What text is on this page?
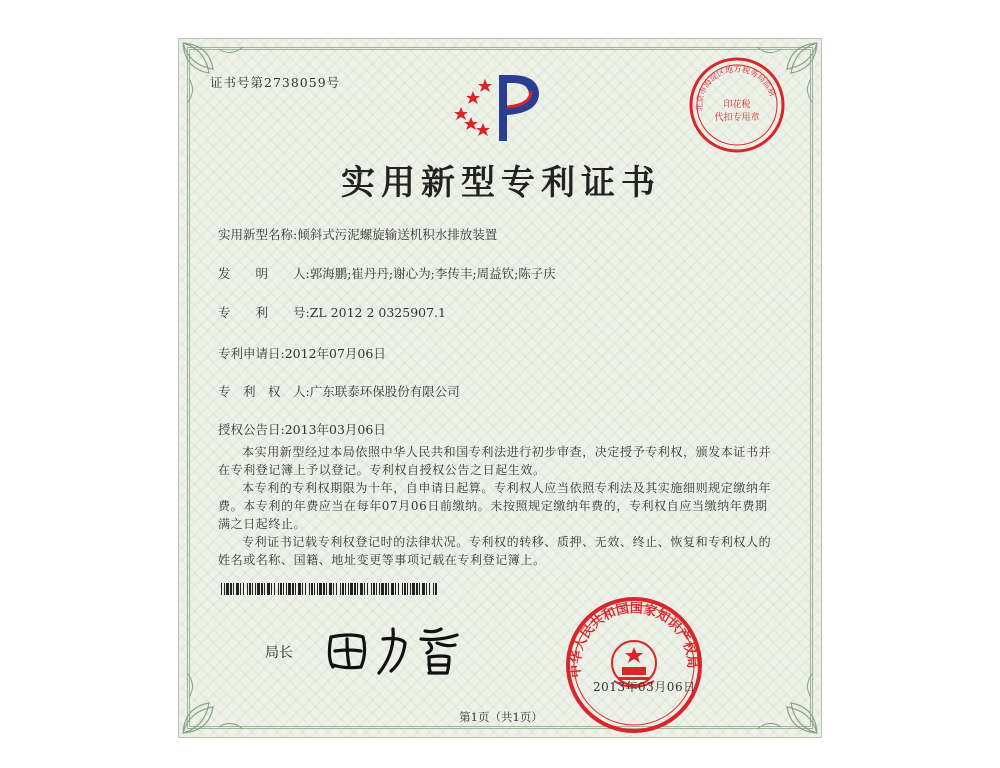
证书号第2738059号
北京市海淀区地方税务局监制
印花税
代扣专用章
实用新型专利证书
实用新型名称:倾斜式污泥螺旋输送机积水排放装置
发　　明　　人:郭海鹏;崔丹丹;谢心为;李传丰;周益钦;陈子庆
专　　利　　号:ZL 2012 2 0325907.1
专利申请日:2012年07月06日
专　利　权　人:广东联泰环保股份有限公司
授权公告日:2013年03月06日

本实用新型经过本局依照中华人民共和国专利法进行初步审查，决定授予专利权，颁发本证书并在专利登记簿上予以登记。专利权自授权公告之日起生效。

本专利的专利权期限为十年，自申请日起算。专利权人应当依照专利法及其实施细则规定缴纳年费。本专利的年费应当在每年07月06日前缴纳。未按照规定缴纳年费的，专利权自应当缴纳年费期满之日起终止。

专利证书记载专利权登记时的法律状况。专利权的转移、质押、无效、终止、恢复和专利权人的姓名或名称、国籍、地址变更等事项记载在专利登记簿上。

局长
中华人民共和国国家知识产权局
2013年03月06日
第1页（共1页）
